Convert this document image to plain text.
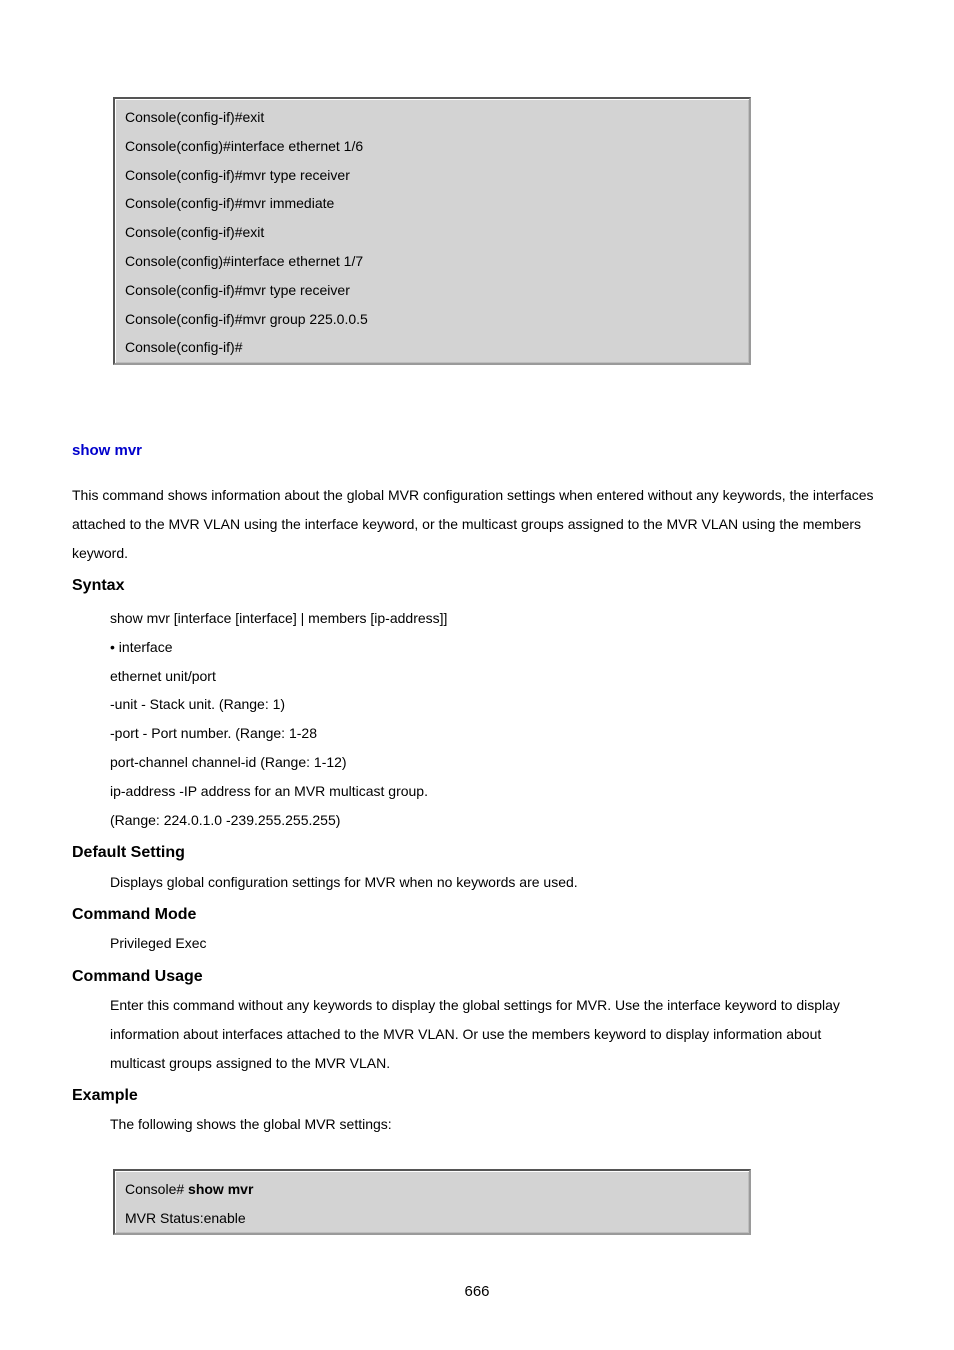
Console(config-if)#exit
Console(config)#interface ethernet 1/6
Console(config-if)#mvr type receiver
Console(config-if)#mvr immediate
Console(config-if)#exit
Console(config)#interface ethernet 1/7
Console(config-if)#mvr type receiver
Console(config-if)#mvr group 225.0.0.5
Console(config-if)#
show mvr
This command shows information about the global MVR configuration settings when entered without any keywords, the interfaces attached to the MVR VLAN using the interface keyword, or the multicast groups assigned to the MVR VLAN using the members keyword.
Syntax
show mvr [interface [interface] | members [ip-address]]
• interface
ethernet unit/port
-unit - Stack unit. (Range: 1)
-port - Port number. (Range: 1-28
port-channel channel-id (Range: 1-12)
ip-address -IP address for an MVR multicast group.
(Range: 224.0.1.0 -239.255.255.255)
Default Setting
Displays global configuration settings for MVR when no keywords are used.
Command Mode
Privileged Exec
Command Usage
Enter this command without any keywords to display the global settings for MVR. Use the interface keyword to display information about interfaces attached to the MVR VLAN. Or use the members keyword to display information about multicast groups assigned to the MVR VLAN.
Example
The following shows the global MVR settings:
Console# show mvr
MVR Status:enable
666
